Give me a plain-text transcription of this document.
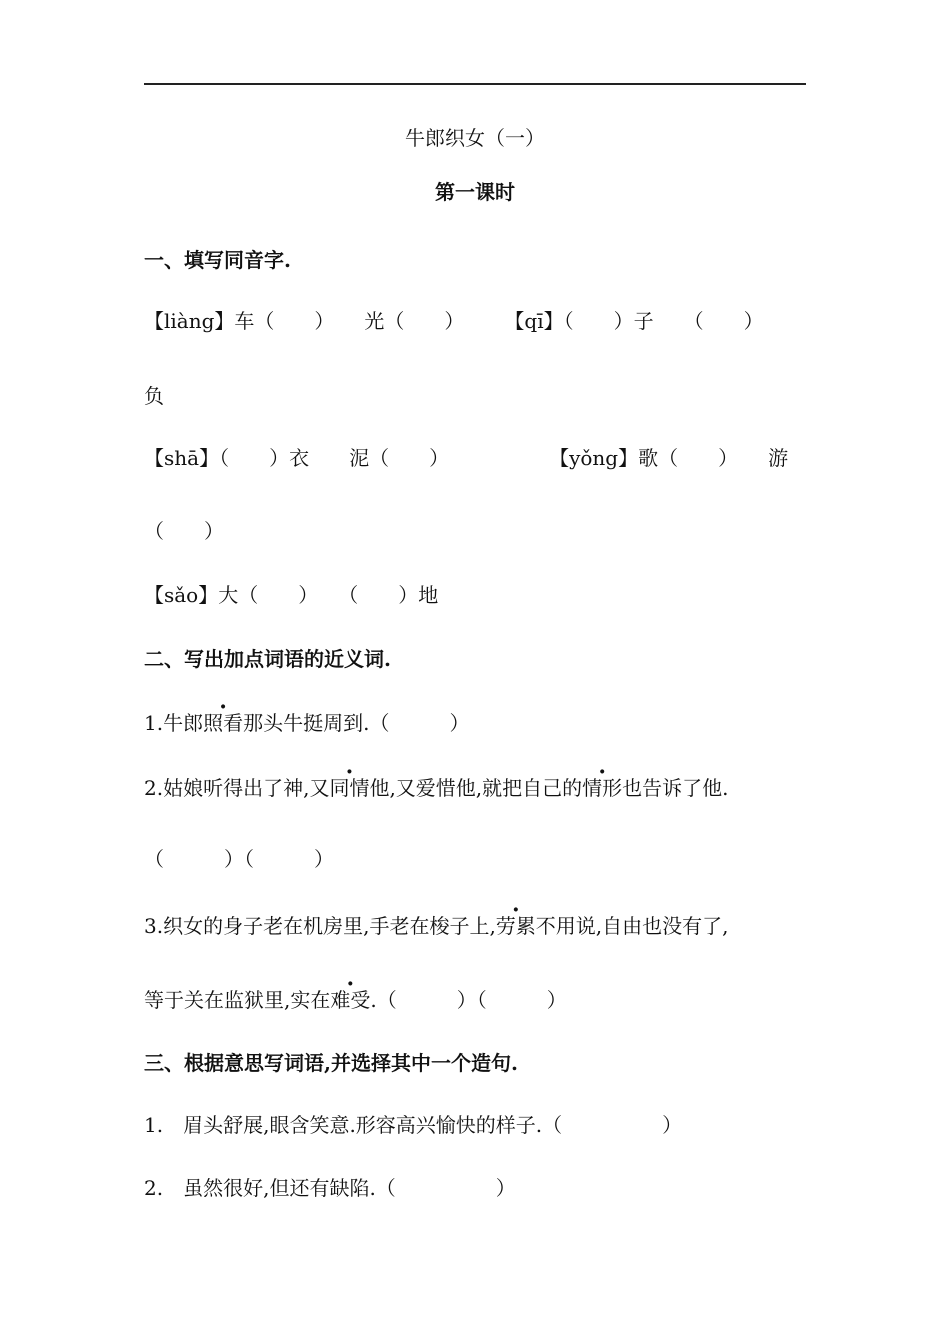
牛郎织女（一）
第一课时
一、填写同音字.
【liàng】车（　　）　　光（　　）　　　【qī】（　　）子　　（　　）
负
【shā】（　　）衣　　泥（　　）　　　　　　【yǒng】歌（　　）　　游
（　　）
【sǎo】大（　　）　　（　　）地
二、写出加点词语的近义词.
1.牛郎照看那头牛挺周到.（　　　）
2.姑娘听得出了神,又同情他,又爱惜他,就把自己的情形也告诉了他.
（　　　）（　　　）
3.织女的身子老在机房里,手老在梭子上,劳累不用说,自由也没有了,
等于关在监狱里,实在难受.（　　　）（　　　）
三、根据意思写词语,并选择其中一个造句.
1.　眉头舒展,眼含笑意.形容高兴愉快的样子.（　　　　　）
2.　虽然很好,但还有缺陷.（　　　　　）
